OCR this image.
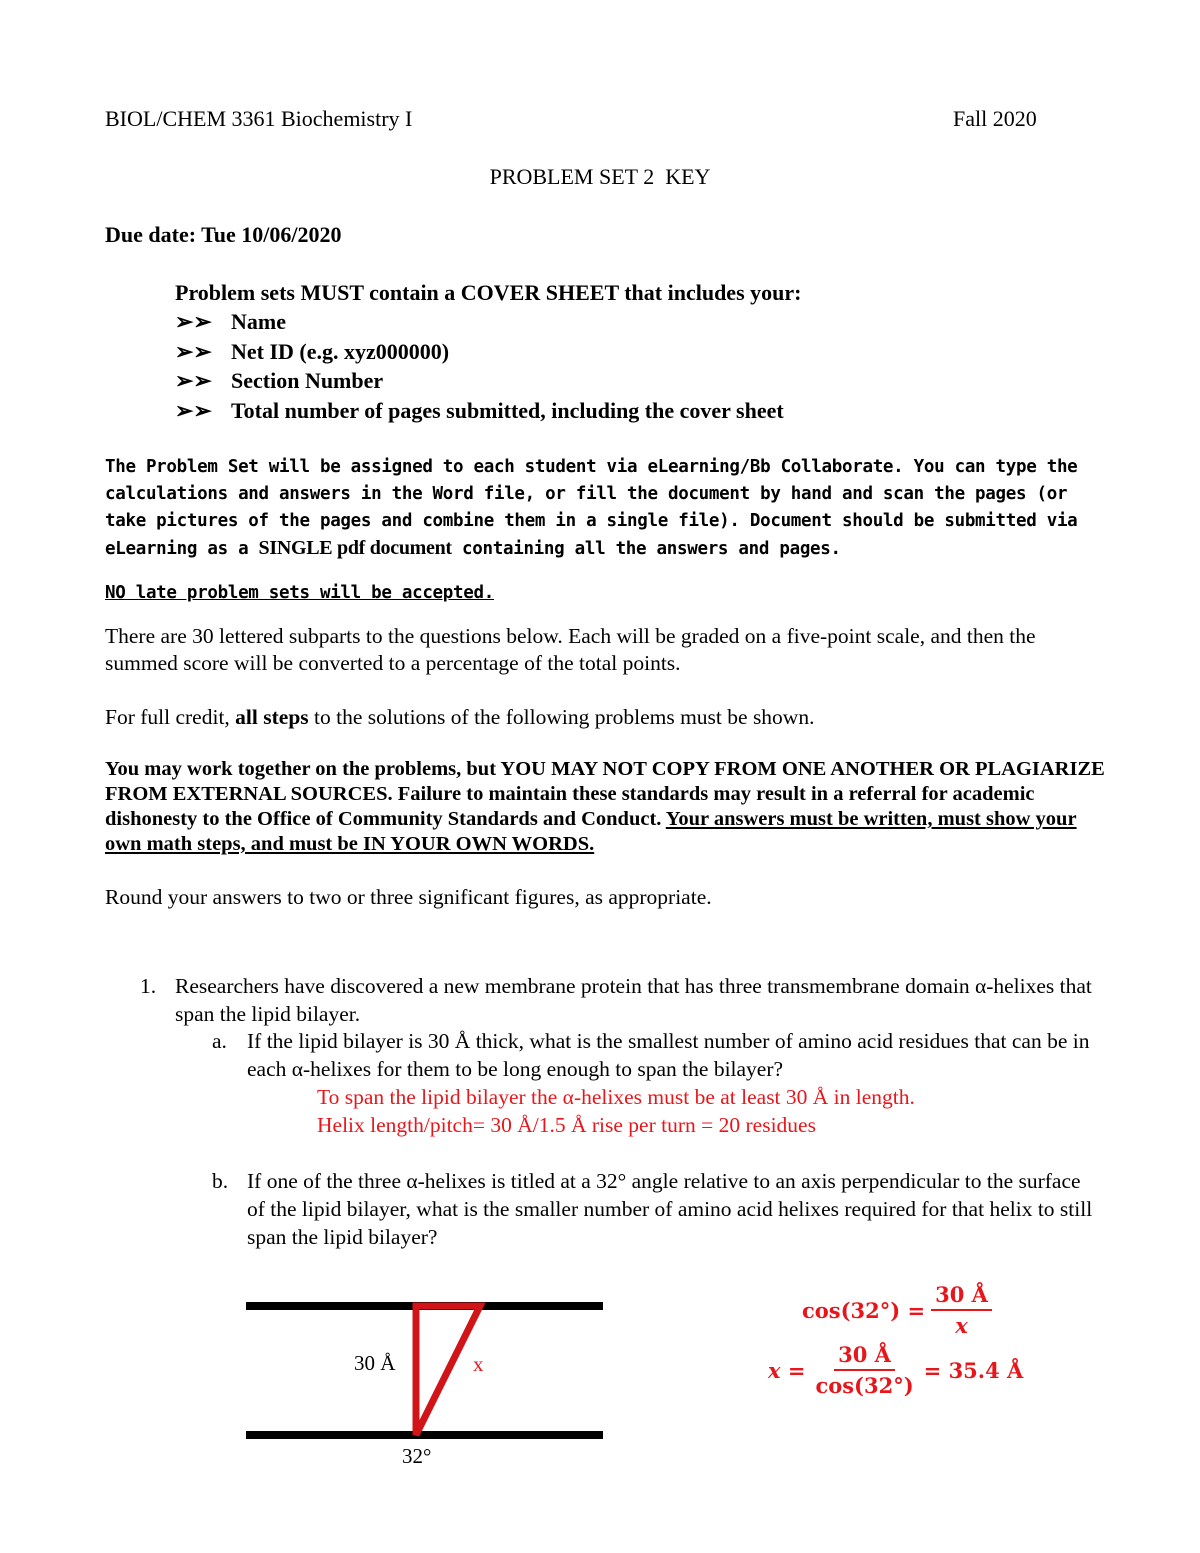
BIOL/CHEM 3361 Biochemistry I	Fall 2020
PROBLEM SET 2  KEY
Due date: Tue 10/06/2020
Problem sets MUST contain a COVER SHEET that includes your:
➢➢ Name
➢➢ Net ID (e.g. xyz000000)
➢➢ Section Number
➢➢ Total number of pages submitted, including the cover sheet
The Problem Set will be assigned to each student via eLearning/Bb Collaborate. You can type the calculations and answers in the Word file, or fill the document by hand and scan the pages (or take pictures of the pages and combine them in a single file). Document should be submitted via eLearning as a SINGLE pdf document containing all the answers and pages.
NO late problem sets will be accepted.
There are 30 lettered subparts to the questions below. Each will be graded on a five-point scale, and then the summed score will be converted to a percentage of the total points.
For full credit, all steps to the solutions of the following problems must be shown.
You may work together on the problems, but YOU MAY NOT COPY FROM ONE ANOTHER OR PLAGIARIZE FROM EXTERNAL SOURCES. Failure to maintain these standards may result in a referral for academic dishonesty to the Office of Community Standards and Conduct. Your answers must be written, must show your own math steps, and must be IN YOUR OWN WORDS.
Round your answers to two or three significant figures, as appropriate.
1. Researchers have discovered a new membrane protein that has three transmembrane domain α-helixes that span the lipid bilayer.
a. If the lipid bilayer is 30 Å thick, what is the smallest number of amino acid residues that can be in each α-helixes for them to be long enough to span the bilayer?
To span the lipid bilayer the α-helixes must be at least 30 Å in length.
Helix length/pitch= 30 Å/1.5 Å rise per turn = 20 residues
b. If one of the three α-helixes is titled at a 32° angle relative to an axis perpendicular to the surface of the lipid bilayer, what is the smaller number of amino acid helixes required for that helix to still span the lipid bilayer?
30 Å	x
32°
$\cos(32^\circ) = \frac{30 Å}{x}$
$x = \frac{30 Å}{\cos(32^\circ)} = 35.4$ Å
